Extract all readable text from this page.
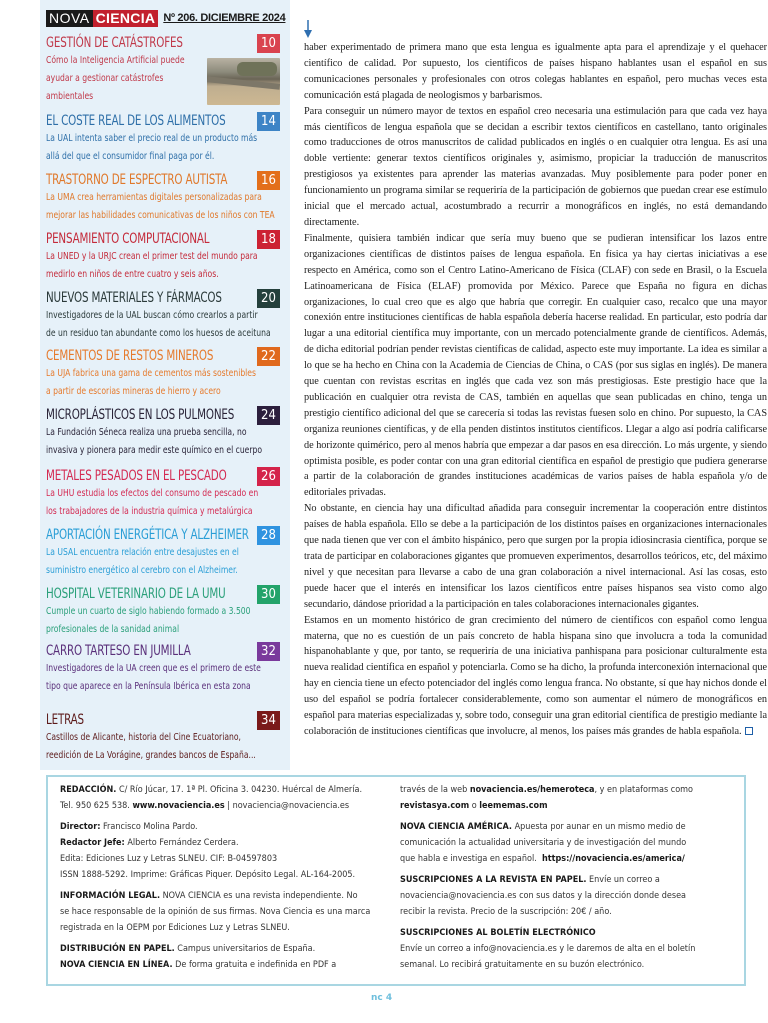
NOVA CIENCIA Nº 206. DICIEMBRE 2024
GESTIÓN DE CATÁSTROFES	10
Cómo la Inteligencia Artificial puede
ayudar a gestionar catástrofes
ambientales
EL COSTE REAL DE LOS ALIMENTOS	14
La UAL intenta saber el precio real de un producto más
allá del que el consumidor final paga por él.
TRASTORNO DE ESPECTRO AUTISTA	16
La UMA crea herramientas digitales personalizadas para
mejorar las habilidades comunicativas de los niños con TEA
PENSAMIENTO COMPUTACIONAL	18
La UNED y la URJC crean el primer test del mundo para
medirlo en niños de entre cuatro y seis años.
NUEVOS MATERIALES Y FÁRMACOS	20
Investigadores de la UAL buscan cómo crearlos a partir
de un residuo tan abundante como los huesos de aceituna
CEMENTOS DE RESTOS MINEROS	22
La UJA fabrica una gama de cementos más sostenibles
a partir de escorias mineras de hierro y acero
MICROPLÁSTICOS EN LOS PULMONES	24
La Fundación Séneca realiza una prueba sencilla, no
invasiva y pionera para medir este químico en el cuerpo
METALES PESADOS EN EL PESCADO	26
La UHU estudia los efectos del consumo de pescado en
los trabajadores de la industria química y metalúrgica
APORTACIÓN ENERGÉTICA Y ALZHEIMER 28
La USAL encuentra relación entre desajustes en el
suministro energético al cerebro con el Alzheimer.
HOSPITAL VETERINARIO DE LA UMU	30
Cumple un cuarto de siglo habiendo formado a 3.500
profesionales de la sanidad animal
CARRO TARTESO EN JUMILLA	32
Investigadores de la UA creen que es el primero de este
tipo que aparece en la Península Ibérica en esta zona
LETRAS	34
Castillos de Alicante, historia del Cine Ecuatoriano,
reedición de La Vorágine, grandes bancos de España...

haber experimentado de primera mano que esta lengua es igualmente apta para el aprendizaje y el quehacer científico de calidad. Por supuesto, los científicos de países hispano hablantes usan el español en sus comunicaciones personales y profesionales con otros colegas hablantes en español, pero muchas veces esta comunicación está plagada de neologismos y barbarismos.

Para conseguir un número mayor de textos en español creo necesaria una estimulación para que cada vez haya más científicos de lengua española que se decidan a escribir textos científicos en castellano, tanto originales como traducciones de otros manuscritos de calidad publicados en inglés o en cualquier otra lengua. Es así una doble vertiente: generar textos científicos originales y, asimismo, propiciar la traducción de manuscritos prestigiosos ya existentes para aprender las materias avanzadas. Muy posiblemente para poder poner en funcionamiento un programa similar se requeriría de la participación de gobiernos que puedan crear ese estímulo inicial que el mercado actual, acostumbrado a recurrir a monográficos en inglés, no está demandando directamente.

Finalmente, quisiera también indicar que sería muy bueno que se pudieran intensificar los lazos entre organizaciones científicas de distintos países de lengua española. En física ya hay ciertas iniciativas a ese respecto en América, como son el Centro Latino-Americano de Física (CLAF) con sede en Brasil, o la Escuela Latinoamericana de Física (ELAF) promovida por México. Parece que España no figura en dichas organizaciones, lo cual creo que es algo que habría que corregir. En cualquier caso, recalco que una mayor conexión entre instituciones científicas de habla española debería hacerse realidad. En particular, esto podría dar lugar a una editorial científica muy importante, con un mercado potencialmente grande de científicos. Además, de dicha editorial podrían pender revistas científicas de calidad, aspecto este muy importante. La idea es similar a lo que se ha hecho en China con la Academia de Ciencias de China, o CAS (por sus siglas en inglés). De manera que cuentan con revistas escritas en inglés que cada vez son más prestigiosas. Este prestigio hace que la publicación en cualquier otra revista de CAS, también en aquellas que sean publicadas en chino, tenga un prestigio científico adicional del que se carecería si todas las revistas fuesen solo en chino. Por supuesto, la CAS organiza reuniones científicas, y de ella penden distintos institutos científicos. Llegar a algo así podría calificarse de horizonte quimérico, pero al menos habría que empezar a dar pasos en esa dirección. Lo más urgente, y siendo optimista posible, es poder contar con una gran editorial científica en español de prestigio que pudiera generarse a partir de la colaboración de grandes instituciones académicas de varios países de habla española y/o de editoriales privadas.

No obstante, en ciencia hay una dificultad añadida para conseguir incrementar la cooperación entre distintos países de habla española. Ello se debe a la participación de los distintos países en organizaciones internacionales que nada tienen que ver con el ámbito hispánico, pero que surgen por la propia idiosincrasia científica, porque se trata de participar en colaboraciones gigantes que promueven experimentos, desarrollos teóricos, etc, del máximo nivel y que necesitan para llevarse a cabo de una gran colaboración a nivel internacional. Así las cosas, esto puede hacer que el interés en intensificar los lazos científicos entre países hispanos sea visto como algo secundario, dándose prioridad a la participación en tales colaboraciones internacionales gigantes.

Estamos en un momento histórico de gran crecimiento del número de científicos con español como lengua materna, que no es cuestión de un país concreto de habla hispana sino que involucra a toda la comunidad hispanohablante y que, por tanto, se requeriría de una iniciativa panhispana para posicionar culturalmente esta nueva realidad científica en español y potenciarla. Como se ha dicho, la profunda interconexión internacional que hay en ciencia tiene un efecto potenciador del inglés como lengua franca. No obstante, sí que hay nichos donde el uso del español se podría fortalecer considerablemente, como son aumentar el número de monográficos en español para materias especializadas y, sobre todo, conseguir una gran editorial científica de prestigio mediante la colaboración de instituciones científicas que involucre, al menos, los países más grandes de habla española.

REDACCIÓN. C/ Río Júcar, 17. 1ª Pl. Oficina 3. 04230. Huércal de Almería.
Tel. 950 625 538. www.novaciencia.es | novaciencia@novaciencia.es
Director: Francisco Molina Pardo.
Redactor Jefe: Alberto Fernández Cerdera.
Edita: Ediciones Luz y Letras SLNEU. CIF: B-04597803
ISSN 1888-5292. Imprime: Gráficas Piquer. Depósito Legal. AL-164-2005.
INFORMACIÓN LEGAL. NOVA CIENCIA es una revista independiente. No
se hace responsable de la opinión de sus firmas. Nova Ciencia es una marca
registrada en la OEPM por Ediciones Luz y Letras SLNEU.
DISTRIBUCIÓN EN PAPEL. Campus universitarios de España.
NOVA CIENCIA EN LÍNEA. De forma gratuita e indefinida en PDF a
través de la web novaciencia.es/hemeroteca, y en plataformas como
revistasya.com o leememas.com
NOVA CIENCIA AMÉRICA. Apuesta por aunar en un mismo medio de
comunicación la actualidad universitaria y de investigación del mundo
que habla e investiga en español. https://novaciencia.es/america/
SUSCRIPCIONES A LA REVISTA EN PAPEL. Envíe un correo a
novaciencia@novaciencia.es con sus datos y la dirección donde desea
recibir la revista. Precio de la suscripción: 20€ / año.
SUSCRIPCIONES AL BOLETÍN ELECTRÓNICO
Envíe un correo a info@novaciencia.es y le daremos de alta en el boletín
semanal. Lo recibirá gratuitamente en su buzón electrónico.
nc 4
